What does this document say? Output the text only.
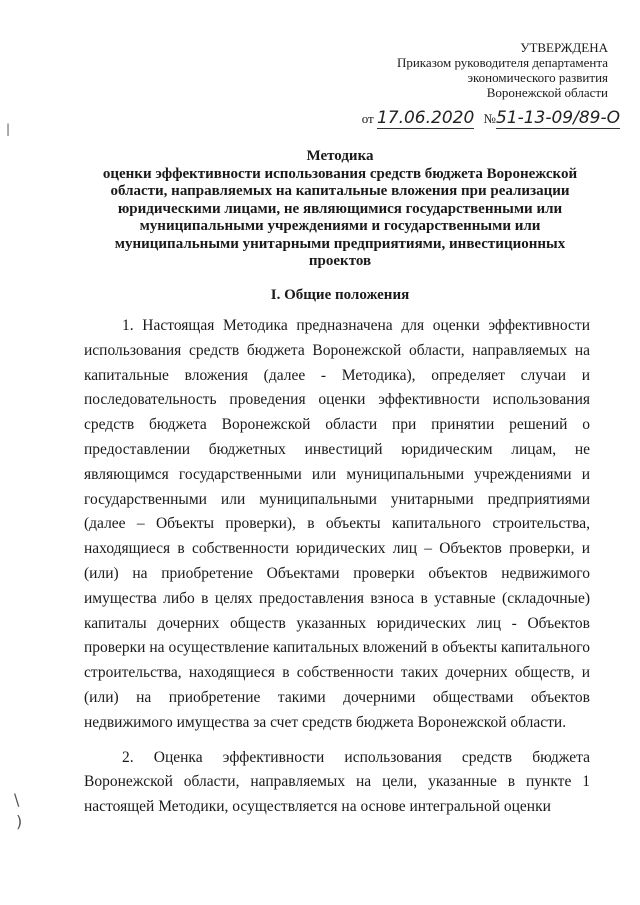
|
\
)
УТВЕРЖДЕНА
Приказом руководителя департамента
экономического развития
Воронежской области
от 17.06.2020 №51-13-09/89-О
Методика
оценки эффективности использования средств бюджета Воронежской области, направляемых на капитальные вложения при реализации юридическими лицами, не являющимися государственными или муниципальными учреждениями и государственными или муниципальными унитарными предприятиями, инвестиционных проектов
I. Общие положения

1. Настоящая Методика предназначена для оценки эффективности использования средств бюджета Воронежской области, направляемых на капитальные вложения (далее - Методика), определяет случаи и последовательность проведения оценки эффективности использования средств бюджета Воронежской области при принятии решений о предоставлении бюджетных инвестиций юридическим лицам, не являющимся государственными или муниципальными учреждениями и государственными или муниципальными унитарными предприятиями (далее – Объекты проверки), в объекты капитального строительства, находящиеся в собственности юридических лиц – Объектов проверки, и (или) на приобретение Объектами проверки объектов недвижимого имущества либо в целях предоставления взноса в уставные (складочные) капиталы дочерних обществ указанных юридических лиц - Объектов проверки на осуществление капитальных вложений в объекты капитального строительства, находящиеся в собственности таких дочерних обществ, и (или) на приобретение такими дочерними обществами объектов недвижимого имущества за счет средств бюджета Воронежской области.

2. Оценка эффективности использования средств бюджета Воронежской области, направляемых на цели, указанные в пункте 1 настоящей Методики, осуществляется на основе интегральной оценки
